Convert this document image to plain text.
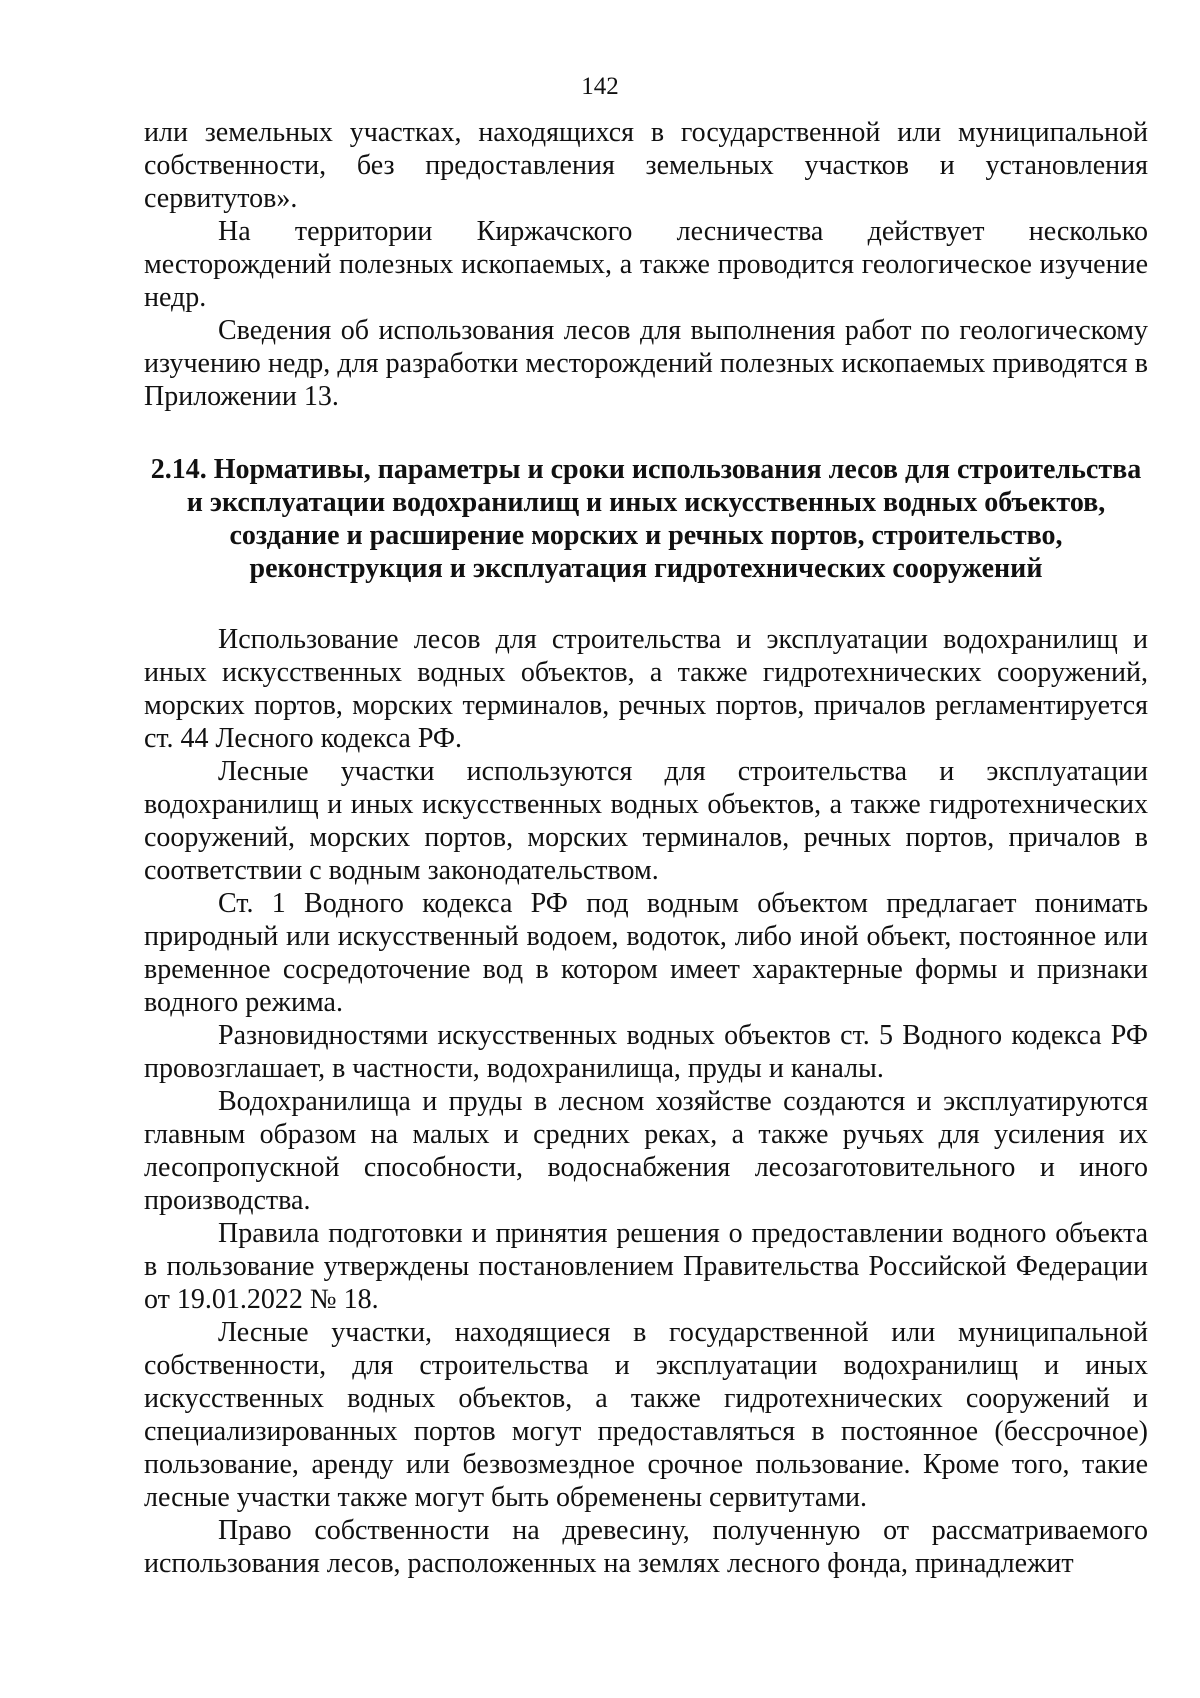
142

или земельных участках, находящихся в государственной или муниципальной собственности, без предоставления земельных участков и установления сервитутов».

На территории Киржачского лесничества действует несколько месторождений полезных ископаемых, а также проводится геологическое изучение недр.

Сведения об использования лесов для выполнения работ по геологическому изучению недр, для разработки месторождений полезных ископаемых приводятся в Приложении 13.

2.14. Нормативы, параметры и сроки использования лесов для строительства и эксплуатации водохранилищ и иных искусственных водных объектов, создание и расширение морских и речных портов, строительство, реконструкция и эксплуатация гидротехнических сооружений

Использование лесов для строительства и эксплуатации водохранилищ и иных искусственных водных объектов, а также гидротехнических сооружений, морских портов, морских терминалов, речных портов, причалов регламентируется ст. 44 Лесного кодекса РФ.

Лесные участки используются для строительства и эксплуатации водохранилищ и иных искусственных водных объектов, а также гидротехнических сооружений, морских портов, морских терминалов, речных портов, причалов в соответствии с водным законодательством.

Ст. 1 Водного кодекса РФ под водным объектом предлагает понимать природный или искусственный водоем, водоток, либо иной объект, постоянное или временное сосредоточение вод в котором имеет характерные формы и признаки водного режима.

Разновидностями искусственных водных объектов ст. 5 Водного кодекса РФ провозглашает, в частности, водохранилища, пруды и каналы.

Водохранилища и пруды в лесном хозяйстве создаются и эксплуатируются главным образом на малых и средних реках, а также ручьях для усиления их лесопропускной способности, водоснабжения лесозаготовительного и иного производства.

Правила подготовки и принятия решения о предоставлении водного объекта в пользование утверждены постановлением Правительства Российской Федерации от 19.01.2022 № 18.

Лесные участки, находящиеся в государственной или муниципальной собственности, для строительства и эксплуатации водохранилищ и иных искусственных водных объектов, а также гидротехнических сооружений и специализированных портов могут предоставляться в постоянное (бессрочное) пользование, аренду или безвозмездное срочное пользование. Кроме того, такие лесные участки также могут быть обременены сервитутами.

Право собственности на древесину, полученную от рассматриваемого использования лесов, расположенных на землях лесного фонда, принадлежит
